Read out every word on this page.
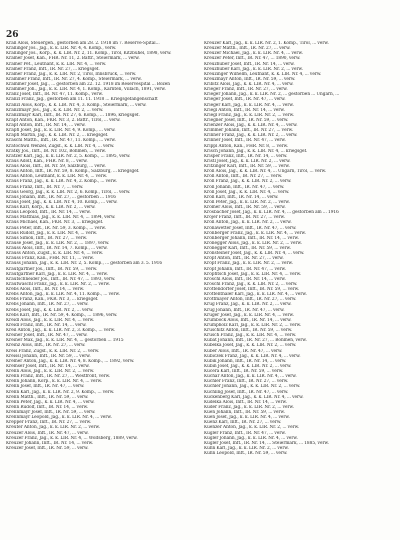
26
Krall Alois, Steuergeh., gestorben am 28. 2. 1918 im 7. Reserve-Spital...
Krallinger Jos., Jäg., k. k. LIR. Nr. 4, 4. Komp., verw.
Krallinger Jos., Korp., k. k. LIR. Nr. 2, 11. Komp., Tirol, Kitzbühel, 1898, verw.
Kramer Josef, Kan., FHR. Nr. 11, 2. Battr., Steiermark, ... verw.
Kramer Pet., Leutnant, k. k. LIR. Nr. 4, ... verw.
Kramer Franz, Inft., IR. Nr. 27, ... kriegsgef.
Kramer Franz, Jäg., k. k. LIR. Nr. 2, Tirol, Innsbruck, ... verw.
Krammer Franz, Inft., IR. Nr. 27, 4. Komp., Steiermark, ... verw.
Krammer Josef, Jäg., ... gestorben am 22. 12. 1918 im Reservespital ... Bozen
Krammer Joh., Jäg., k. k. LIR. Nr. 4, 1. Komp., Kärnten, Villach, 1891, verw.
Kranz Josef, Inft., IR. Nr. 47, 11. Komp., verw.
Kranzl Franz, Jäg., gestorben am 11. 11. 1918 ... Kriegsgefangenschaft
Kranzl Alois, Korp., k. k. LIR. Nr. 4, 3. Komp., Steiermark, ... verw.
Kranzlmayr Jos., Jäg., k. k. LIR. Nr. 2, ... verw.
Kranzlmayr Karl, Inft., IR. Nr. 27, 6. Komp., ... 1896, kriegsgef.
Krapf Anton, Kan., FKR. Nr. 3, 2. Battr., Tirol, ... verw.
Krapf Anton, Inft., IR. Nr. 14, ... verw.
Krapfl Josef, Jäg., k. k. LIR. Nr. 4, 9. Komp., ... verw.
Krapfl Martin, Jäg., k. k. LIR. Nr. 2, ... kriegsgef.
Kraschl Matth., Inft., IR. Nr. 47, 11. Komp., ... verw.
Kratochwil Wenzel, Zugsf., k. k. LIR. Nr. 4, ... verw.
Kratky Jos., Inft., IR. Nr. 102, Böhmen, ... verw.
Kratzer Karl, Jäg., k. k. LIR. Nr. 2, 5. Komp., ... 1895, verw.
Kraus Adolf, Kan., FHR. Nr. 8, ... verw.
Kraus Alois, Inft., IR. Nr. 59, Salzburg, ... verw.
Kraus Anton, Inft., IR. Nr. 59, 8. Komp., Salzburg, ... kriegsgef.
Kraus Anton, Leutnant, k. k. LIR. Nr. 4, ... verw.
Kraus Franz, Jäg., k. k. LIR. Nr. 4, 2. Komp., ... verw.
Kraus Franz, Inft., IR. Nr. 7, ... verw.
Kraus Georg, Jäg., k. k. LIR. Nr. 2, 6. Komp., Tirol, ... verw.
Kraus Johann, Inft., IR. Nr. 27, ... gestorben ... 1916
Kraus Josef, Jäg., k. k. LIR. Nr. 4, 10. Komp., ... verw.
Kraus Karl, Korp., k. k. LIR. Nr. 2, ... verw.
Kraus Leopold, Inft., IR. Nr. 14, ... verw.
Kraus Matthias, Jäg., k. k. LIR. Nr. 4, ... 1894, verw.
Kraus Michael, Kan., FKR. Nr. 3, ... kriegsgef.
Kraus Peter, Inft., IR. Nr. 59, 3. Komp., ... verw.
Kraus Rudolf, Jäg., k. k. LIR. Nr. 4, ... verw.
Kraus Simon, Inft., IR. Nr. 27, ... verw.
Krause Josef, Jäg., k. k. LIR. Nr. 2, ... 1897, verw.
Krauss Alois, Inft., IR. Nr. 14, 7. Komp., ... verw.
Krauss Anton, Zugsf., k. k. LIR. Nr. 4, ... verw.
Krauss Franz, Kan., FHR. Nr. 11, ... verw.
Krauss Johann, Jäg., k. k. LIR. Nr. 2, 5. Komp., ... gestorben am 3. 5. 1916
Krautgartner Jos., Inft., IR. Nr. 59, ... verw.
Krautgartner Karl, Jäg., k. k. LIR. Nr. 4, ... verw.
Krautschneider Jos., Inft., IR. Nr. 47, ... 1893, verw.
Krautwaschl Franz, Jäg., k. k. LIR. Nr. 2, ... verw.
Krebs Alois, Inft., IR. Nr. 14, ... verw.
Krebs Anton, Jäg., k. k. LIR. Nr. 4, 11. Komp., ... verw.
Krebs Franz, Kan., FKR. Nr. 3, ... kriegsgef.
Krebs Johann, Inft., IR. Nr. 27, ... verw.
Krebs Josef, Jäg., k. k. LIR. Nr. 2, ... verw.
Krebs Karl, Inft., IR. Nr. 59, 4. Komp., ... 1896, verw.
Kreidl Alois, Jäg., k. k. LIR. Nr. 4, ... verw.
Kreidl Franz, Inft., IR. Nr. 14, ... verw.
Kreil Anton, Jäg., k. k. LIR. Nr. 2, 3. Komp., ... verw.
Kreiner Josef, Inft., IR. Nr. 47, ... verw.
Kreiner Max, Jäg., k. k. LIR. Nr. 4, ... gestorben ... 1915
Kreinz Alois, Inft., IR. Nr. 27, ... verw.
Kreis Franz, Zugsf., k. k. LIR. Nr. 2, ... verw.
Kreissl Johann, Inft., IR. Nr. 59, ... verw.
Kremer Anton, Jäg., k. k. LIR. Nr. 4, 8. Komp., ... 1892, verw.
Kremser Josef, Inft., IR. Nr. 14, ... verw.
Krenn Alois, Jäg., k. k. LIR. Nr. 2, ... verw.
Krenn Franz, Inft., IR. Nr. 27, ... Westfront, verw.
Krenn Johann, Korp., k. k. LIR. Nr. 4, ... verw.
Krenn Josef, Inft., IR. Nr. 47, ... verw.
Krenn Karl, Jäg., k. k. LIR. Nr. 2, 9. Komp., ... verw.
Krenn Matth., Inft., IR. Nr. 59, ... verw.
Krenn Peter, Jäg., k. k. LIR. Nr. 4, ... verw.
Krenn Rudolf, Inft., IR. Nr. 14, ... verw.
Krennmayr Josef, Inft., IR. Nr. 59, ... verw.
Krennmayr Leopold, Jäg., k. k. LIR. Nr. 4, ... verw.
Krepper Franz, Inft., IR. Nr. 27, ... verw.
Kreuter Anton, Jäg., k. k. LIR. Nr. 2, ... verw.
Kreuzer Alois, Inft., IR. Nr. 47, ... verw.
Kreuzer Franz, Jäg., k. k. LIR. Nr. 4, ... Wolfsberg, 1889, verw.
Kreuzer Johann, Inft., IR. Nr. 14, ... verw.
Kreuzer Josef, Inft., IR. Nr. 59, ... verw.
Kreuzer Karl, Jäg., k. k. LIR. Nr. 2, 1. Komp., Tirol, ... verw.
Kreuzer Matth., Inft., IR. Nr. 27, ... verw.
Kreuzer Michael, Jäg., k. k. LIR. Nr. 4, ... verw.
Kreuzer Peter, Inft., IR. Nr. 47, ... 1890, verw.
Kreuzhuber Josef, Inft., IR. Nr. 14, ... verw.
Kreuzhuber Karl, Jäg., k. k. LIR. Nr. 2, ... verw.
Kreuzinger Wilhelm, Leutnant, k. k. LIR. Nr. 4, ... verw.
Kreuzmayr Anton, Inft., IR. Nr. 59, ... verw.
Kribitz Alois, Jäg., k. k. LIR. Nr. 4, ... verw.
Krieger Franz, Inft., IR. Nr. 27, ... verw.
Krieger Johann, Jäg., k. k. LIR. Nr. 2, ... gestorben ... Ungarn, ...
Krieger Josef, Inft., IR. Nr. 47, ... verw.
Krieger Karl, Jäg., k. k. LIR. Nr. 4, ... verw.
Kriegl Anton, Inft., IR. Nr. 14, ... verw.
Kriegl Franz, Jäg., k. k. LIR. Nr. 2, ... verw.
Kriegner Josef, Inft., IR. Nr. 59, ... verw.
Krienzer Alois, Jäg., k. k. LIR. Nr. 4, ... verw.
Krimmer Johann, Inft., IR. Nr. 27, ... verw.
Krinner Franz, Jäg., k. k. LIR. Nr. 2, ... verw.
Krinner Josef, Inft., IR. Nr. 47, ... verw.
Krippl Anton, Kan., FHR. Nr. 8, ... verw.
Krisch Johann, Jäg., k. k. LIR. Nr. 4, ... kriegsgef.
Krisper Franz, Inft., IR. Nr. 14, ... verw.
Kristl Josef, Jäg., k. k. LIR. Nr. 2, ... verw.
Kritzinger Karl, Inft., IR. Nr. 59, ... verw.
Kröll Alois, Jäg., k. k. LIR. Nr. 4, ... Ungarn, Tirol, ... verw.
Kröll Anton, Inft., IR. Nr. 27, ... verw.
Kröll Franz, Jäg., k. k. LIR. Nr. 2, ... verw.
Kröll Johann, Inft., IR. Nr. 47, ... verw.
Kröll Josef, Jäg., k. k. LIR. Nr. 4, ... verw.
Kröll Karl, Inft., IR. Nr. 14, ... verw.
Kröll Peter, Jäg., k. k. LIR. Nr. 2, ... verw.
Krömer Alois, Inft., IR. Nr. 59, ... verw.
Krösbacher Josef, Jäg., k. k. LIR. Nr. 4, ... gestorben am ... 1916
Krojer Franz, Inft., IR. Nr. 27, ... verw.
Kroll Anton, Jäg., k. k. LIR. Nr. 2, ... verw.
Kronawetter Josef, Inft., IR. Nr. 47, ... verw.
Kronberger Franz, Jäg., k. k. LIR. Nr. 4, ... verw.
Kronberger Johann, Inft., IR. Nr. 14, ... verw.
Kronegger Alois, Jäg., k. k. LIR. Nr. 2, ... verw.
Kronegger Karl, Inft., IR. Nr. 59, ... verw.
Kronsteiner Josef, Jäg., k. k. LIR. Nr. 4, ... verw.
Kropf Anton, Inft., IR. Nr. 27, ... verw.
Kropf Franz, Jäg., k. k. LIR. Nr. 2, ... verw.
Kropf Johann, Inft., IR. Nr. 47, ... verw.
Kropfitsch Josef, Jäg., k. k. LIR. Nr. 4, ... verw.
Kroschl Alois, Inft., IR. Nr. 14, ... verw.
Kroschl Franz, Jäg., k. k. LIR. Nr. 2, ... verw.
Krottendorfer Josef, Inft., IR. Nr. 59, ... verw.
Krottenthaler Karl, Jäg., k. k. LIR. Nr. 4, ... verw.
Krottmayer Anton, Inft., IR. Nr. 27, ... verw.
Krug Franz, Jäg., k. k. LIR. Nr. 2, ... verw.
Krug Johann, Inft., IR. Nr. 47, ... verw.
Kruger Josef, Jäg., k. k. LIR. Nr. 4, ... verw.
Krumböck Alois, Inft., IR. Nr. 14, ... verw.
Krumpholz Karl, Jäg., k. k. LIR. Nr. 2, ... verw.
Kruschitz Anton, Inft., IR. Nr. 59, ... verw.
Krusch Franz, Jäg., k. k. LIR. Nr. 4, ... verw.
Kubat Johann, Inft., IR. Nr. 27, ... Böhmen, verw.
Kubelka Josef, Jäg., k. k. LIR. Nr. 2, ... verw.
Kuber Alois, Inft., IR. Nr. 47, ... verw.
Kubiczek Franz, Jäg., k. k. LIR. Nr. 4, ... verw.
Kubik Johann, Inft., IR. Nr. 14, ... verw.
Kubin Josef, Jäg., k. k. LIR. Nr. 2, ... verw.
Kucera Karl, Inft., IR. Nr. 59, ... verw.
Kuchar Anton, Jäg., k. k. LIR. Nr. 4, ... verw.
Kuchler Franz, Inft., IR. Nr. 27, ... verw.
Kuchler Johann, Jäg., k. k. LIR. Nr. 2, ... verw.
Kuchling Josef, Inft., IR. Nr. 47, ... verw.
Kuckenberg Karl, Jäg., k. k. LIR. Nr. 4, ... verw.
Kudelka Alois, Inft., IR. Nr. 14, ... verw.
Kuder Franz, Jäg., k. k. LIR. Nr. 2, ... verw.
Kuen Johann, Inft., IR. Nr. 59, ... verw.
Kuen Josef, Jäg., k. k. LIR. Nr. 4, ... verw.
Kuenz Karl, Inft., IR. Nr. 27, ... verw.
Kuenzer Anton, Jäg., k. k. LIR. Nr. 2, ... verw.
Kugler Franz, Inft., IR. Nr. 47, ... verw.
Kugler Johann, Jäg., k. k. LIR. Nr. 4, ... verw.
Kugler Josef, Inft., IR. Nr. 14, ... Steiermark, ... 1885, verw.
Kuhn Karl, Jäg., k. k. LIR. Nr. 2, ... verw.
Kuhn Leopold, Inft., IR. Nr. 59, ... verw.
